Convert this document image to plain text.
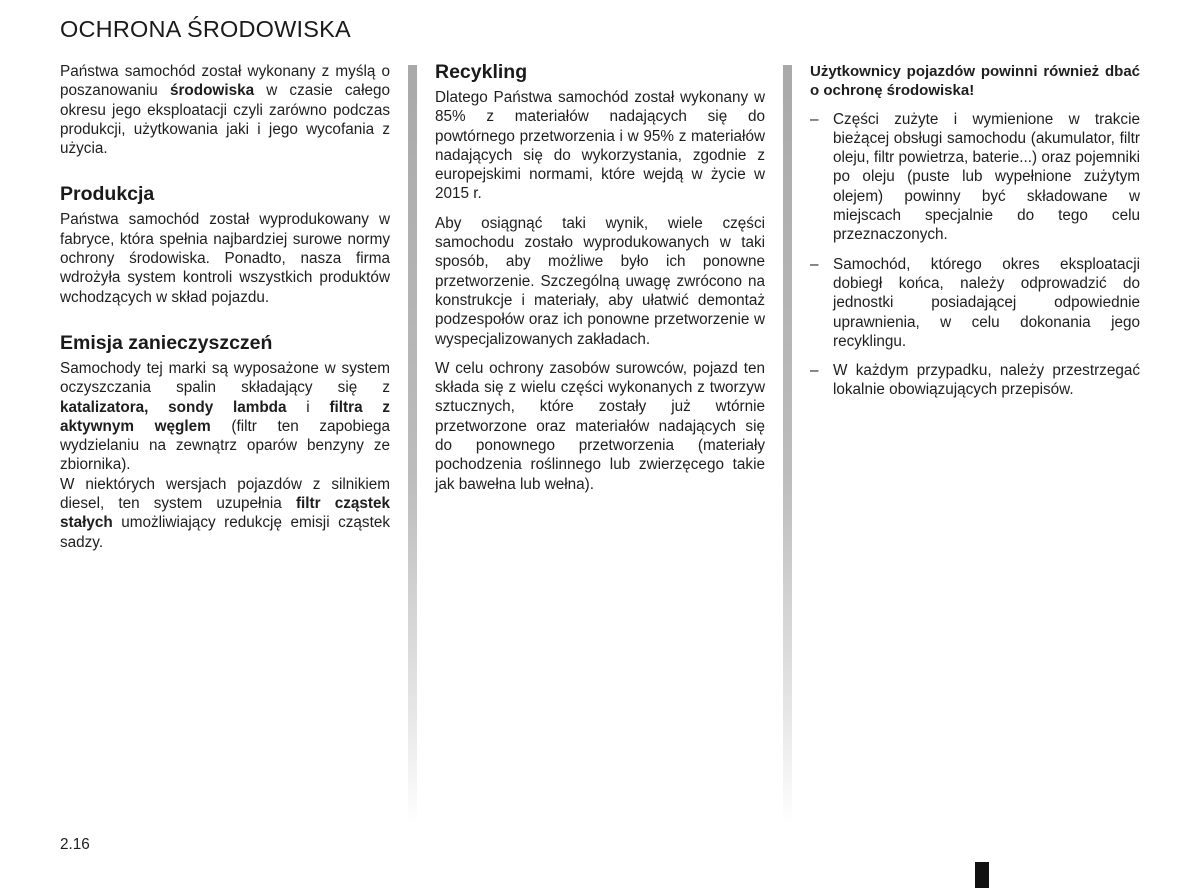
OCHRONA ŚRODOWISKA

Państwa samochód został wykonany z myślą o poszanowaniu środowiska w czasie całego okresu jego eksploatacji czyli zarówno podczas produkcji, użytkowania jaki i jego wycofania z użycia.

Produkcja

Państwa samochód został wyprodukowany w fabryce, która spełnia najbardziej surowe normy ochrony środowiska. Ponadto, nasza firma wdrożyła system kontroli wszystkich produktów wchodzących w skład pojazdu.

Emisja zanieczyszczeń

Samochody tej marki są wyposażone w system oczyszczania spalin składający się z katalizatora, sondy lambda i filtra z aktywnym węglem (filtr ten zapobiega wydzielaniu na zewnątrz oparów benzyny ze zbiornika).

W niektórych wersjach pojazdów z silnikiem diesel, ten system uzupełnia filtr cząstek stałych umożliwiający redukcję emisji cząstek sadzy.

Recykling

Dlatego Państwa samochód został wykonany w 85% z materiałów nadających się do powtórnego przetworzenia i w 95% z materiałów nadających się do wykorzystania, zgodnie z europejskimi normami, które wejdą w życie w 2015 r.

Aby osiągnąć taki wynik, wiele części samochodu zostało wyprodukowanych w taki sposób, aby możliwe było ich ponowne przetworzenie. Szczególną uwagę zwrócono na konstrukcje i materiały, aby ułatwić demontaż podzespołów oraz ich ponowne przetworzenie w wyspecjalizowanych zakładach.

W celu ochrony zasobów surowców, pojazd ten składa się z wielu części wykonanych z tworzyw sztucznych, które zostały już wtórnie przetworzone oraz materiałów nadających się do ponownego przetworzenia (materiały pochodzenia roślinnego lub zwierzęcego takie jak bawełna lub wełna).

Użytkownicy pojazdów powinni również dbać o ochronę środowiska!

– Części zużyte i wymienione w trakcie bieżącej obsługi samochodu (akumulator, filtr oleju, filtr powietrza, baterie...) oraz pojemniki po oleju (puste lub wypełnione zużytym olejem) powinny być składowane w miejscach specjalnie do tego celu przeznaczonych.

– Samochód, którego okres eksploatacji dobiegł końca, należy odprowadzić do jednostki posiadającej odpowiednie uprawnienia, w celu dokonania jego recyklingu.

– W każdym przypadku, należy przestrzegać lokalnie obowiązujących przepisów.

2.16
